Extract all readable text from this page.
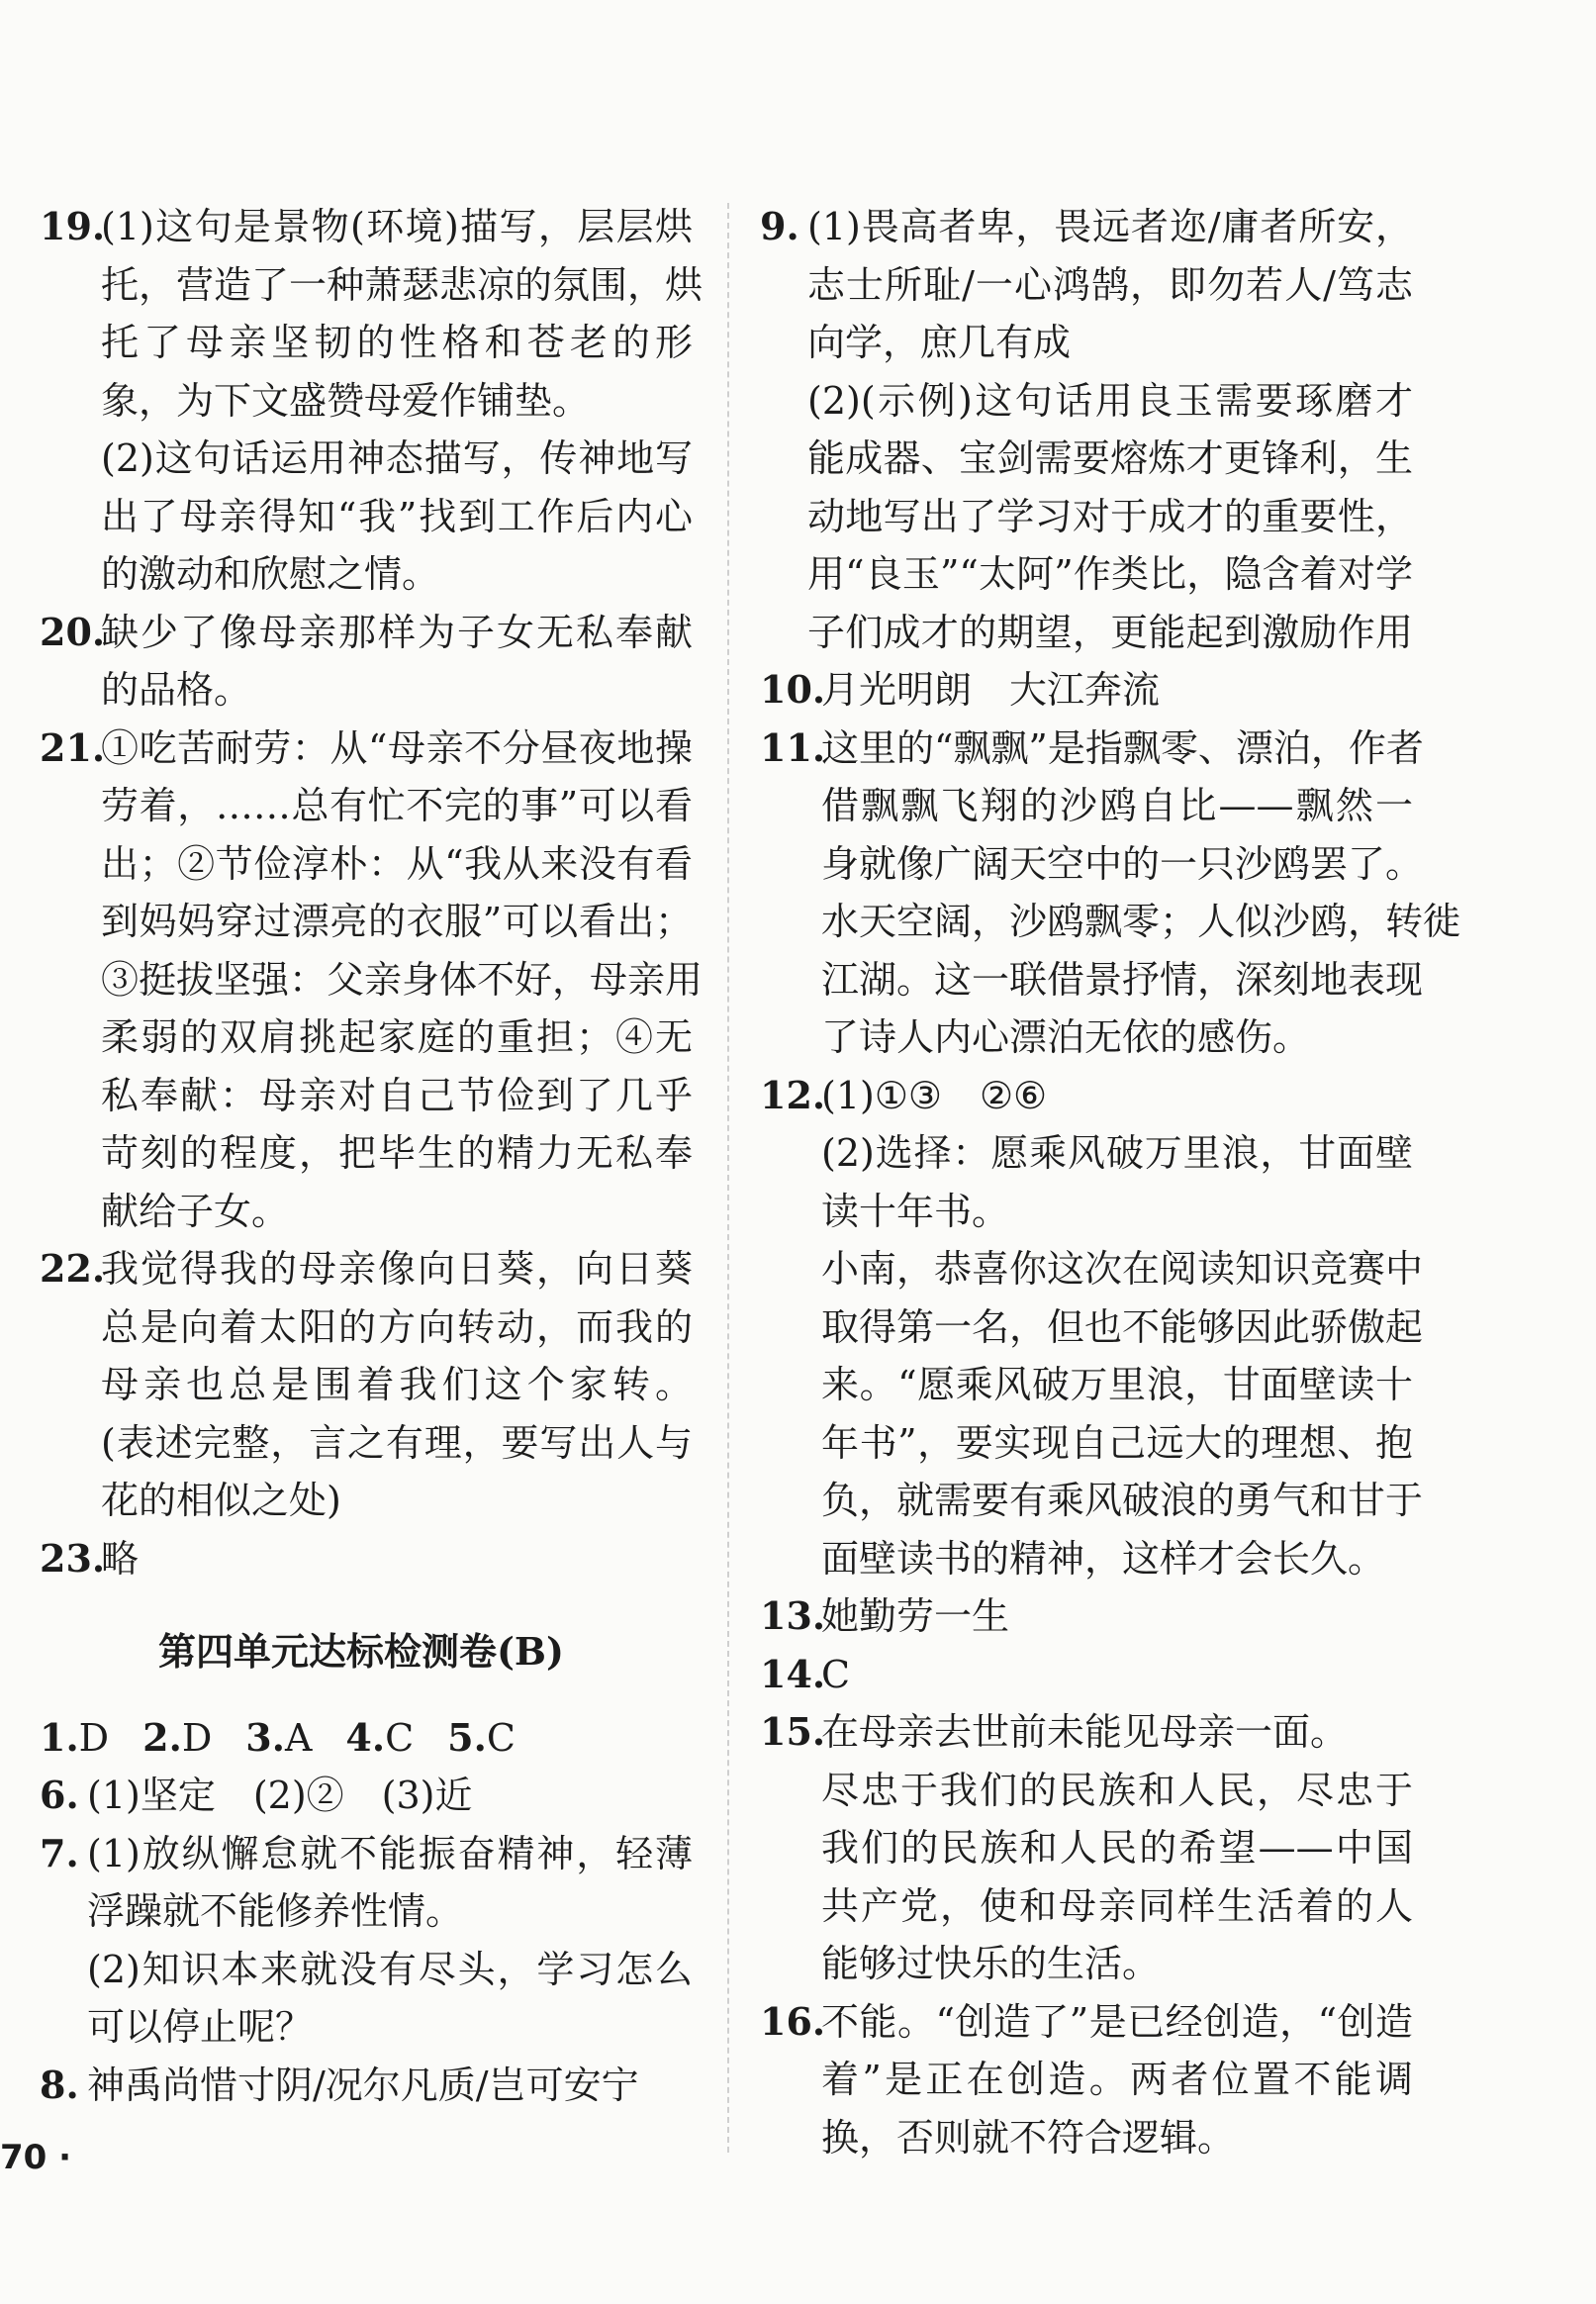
19.
(1)这句是景物(环境)描写，层层烘
托，营造了一种萧瑟悲凉的氛围，烘
托了母亲坚韧的性格和苍老的形
象，为下文盛赞母爱作铺垫。
(2)这句话运用神态描写，传神地写
出了母亲得知“我”找到工作后内心
的激动和欣慰之情。
20.
缺少了像母亲那样为子女无私奉献
的品格。
21.
①吃苦耐劳：从“母亲不分昼夜地操
劳着，……总有忙不完的事”可以看
出；②节俭淳朴：从“我从来没有看
到妈妈穿过漂亮的衣服”可以看出；
③挺拔坚强：父亲身体不好，母亲用
柔弱的双肩挑起家庭的重担；④无
私奉献：母亲对自己节俭到了几乎
苛刻的程度，把毕生的精力无私奉
献给子女。
22.
我觉得我的母亲像向日葵，向日葵
总是向着太阳的方向转动，而我的
母亲也总是围着我们这个家转。
(表述完整，言之有理，要写出人与
花的相似之处)
23.
略
第四单元达标检测卷(B)
1.D 2.D 3.A 4.C 5.C
6. (1)坚定　(2)②　(3)近
7. (1)放纵懈怠就不能振奋精神，轻薄
浮躁就不能修养性情。
(2)知识本来就没有尽头，学习怎么
可以停止呢？
8. 神禹尚惜寸阴/况尔凡质/岂可安宁
9. (1)畏高者卑，畏远者迩/庸者所安，
志士所耻/一心鸿鹄，即勿若人/笃志
向学，庶几有成
(2)(示例)这句话用良玉需要琢磨才
能成器、宝剑需要熔炼才更锋利，生
动地写出了学习对于成才的重要性，
用“良玉”“太阿”作类比，隐含着对学
子们成才的期望，更能起到激励作用
10.
月光明朗　大江奔流
11.
这里的“飘飘”是指飘零、漂泊，作者
借飘飘飞翔的沙鸥自比——飘然一
身就像广阔天空中的一只沙鸥罢了。
水天空阔，沙鸥飘零；人似沙鸥，转徙
江湖。这一联借景抒情，深刻地表现
了诗人内心漂泊无依的感伤。
12.
(1)①③　②⑥
(2)选择：愿乘风破万里浪，甘面壁
读十年书。
小南，恭喜你这次在阅读知识竞赛中
取得第一名，但也不能够因此骄傲起
来。“愿乘风破万里浪，甘面壁读十
年书”，要实现自己远大的理想、抱
负，就需要有乘风破浪的勇气和甘于
面壁读书的精神，这样才会长久。
13.
她勤劳一生
14.
C
15.
在母亲去世前未能见母亲一面。
尽忠于我们的民族和人民，尽忠于
我们的民族和人民的希望——中国
共产党，使和母亲同样生活着的人
能够过快乐的生活。
16.
不能。“创造了”是已经创造，“创造
着”是正在创造。两者位置不能调
换，否则就不符合逻辑。
70 ·
